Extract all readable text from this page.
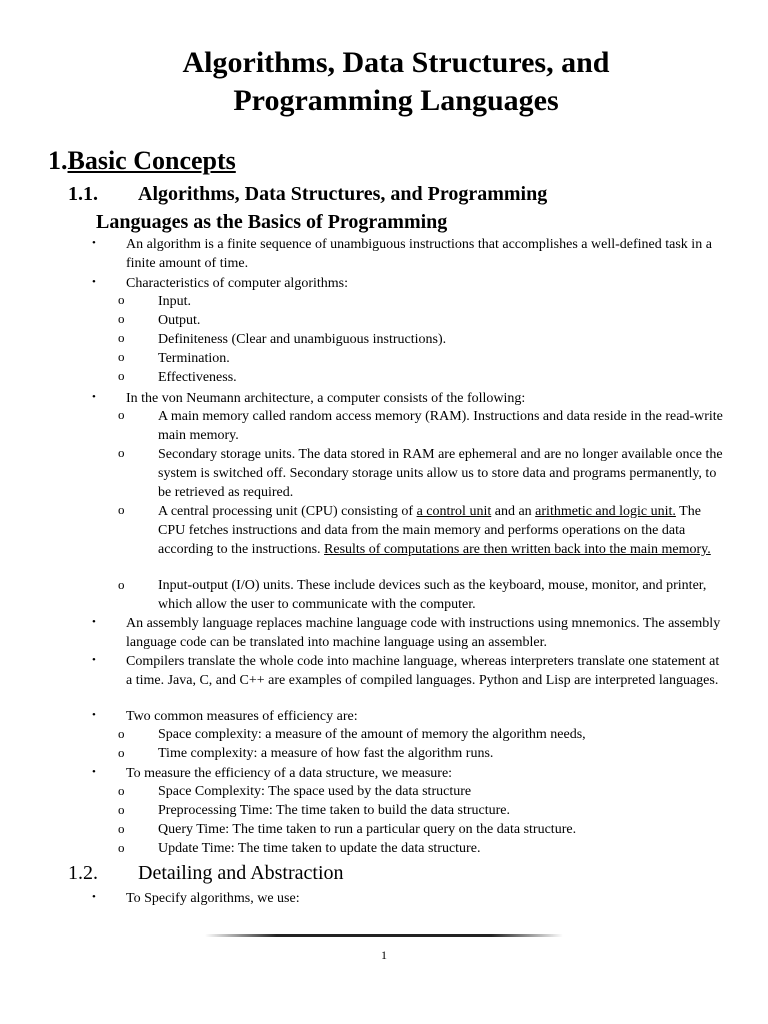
Algorithms, Data Structures, and
Programming Languages
1.Basic Concepts
1.1. Algorithms, Data Structures, and Programming
Languages as the Basics of Programming
• An algorithm is a finite sequence of unambiguous instructions that accomplishes a well-defined task in a finite amount of time.
• Characteristics of computer algorithms:
o Input.
o Output.
o Definiteness (Clear and unambiguous instructions).
o Termination.
o Effectiveness.
• In the von Neumann architecture, a computer consists of the following:
o A main memory called random access memory (RAM). Instructions and data reside in the read-write main memory.
o Secondary storage units. The data stored in RAM are ephemeral and are no longer available once the system is switched off. Secondary storage units allow us to store data and programs permanently, to be retrieved as required.
o A central processing unit (CPU) consisting of a control unit and an arithmetic and logic unit. The CPU fetches instructions and data from the main memory and performs operations on the data according to the instructions. Results of computations are then written back into the main memory.
o Input-output (I/O) units. These include devices such as the keyboard, mouse, monitor, and printer, which allow the user to communicate with the computer.
• An assembly language replaces machine language code with instructions using mnemonics. The assembly language code can be translated into machine language using an assembler.
• Compilers translate the whole code into machine language, whereas interpreters translate one statement at a time. Java, C, and C++ are examples of compiled languages. Python and Lisp are interpreted languages.
• Two common measures of efficiency are:
o Space complexity: a measure of the amount of memory the algorithm needs,
o Time complexity: a measure of how fast the algorithm runs.
• To measure the efficiency of a data structure, we measure:
o Space Complexity: The space used by the data structure
o Preprocessing Time: The time taken to build the data structure.
o Query Time: The time taken to run a particular query on the data structure.
o Update Time: The time taken to update the data structure.
1.2. Detailing and Abstraction
• To Specify algorithms, we use:
1
